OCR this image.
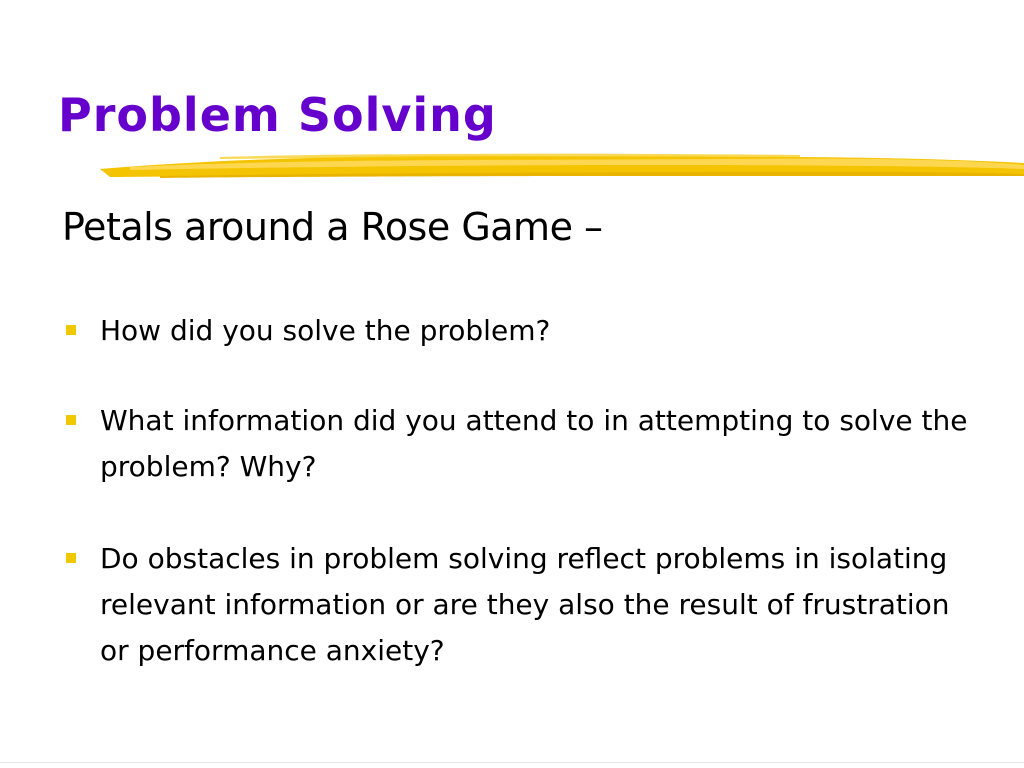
Problem Solving
Petals around a Rose Game –
How did you solve the problem?
What information did you attend to in attempting to solve the problem? Why?
Do obstacles in problem solving reflect problems in isolating relevant information or are they also the result of frustration or performance anxiety?
